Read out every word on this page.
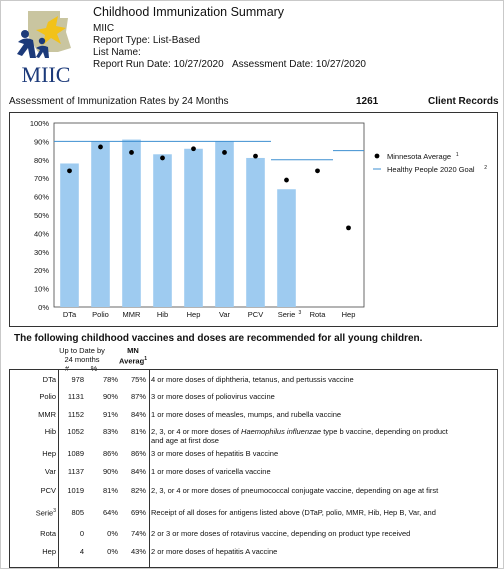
MIIC
Childhood Immunization Summary
MIIC
Report Type: List-Based
List Name:
Report Run Date: 10/27/2020 Assessment Date: 10/27/2020
Assessment of Immunization Rates by 24 Months	1261	Client Records
100%
90%
80%
70%
60%
50%
40%
30%
20%
10%
0%
DTa Polio MMR Hib Hep Var PCV Serie 3 Rota Hep
Minnesota Average 1
Healthy People 2020 Goal 2
The following childhood vaccines and doses are recommended for all young children.
Up to Date by
24 months
#	%
MN
Averag$^1$
DTa	978	78%	75% 4 or more doses of diphtheria, tetanus, and pertussis vaccine
Polio	1131	90%	87% 3 or more doses of poliovirus vaccine
MMR	1152	91%	84% 1 or more doses of measles, mumps, and rubella vaccine
Hib	1052	83%	81% 2, 3, or 4 or more doses of Haemophilus influenzae type b vaccine, depending on product
and age at first dose
Hep	1089	86%	86% 3 or more doses of hepatitis B vaccine
Var	1137	90%	84% 1 or more doses of varicella vaccine
PCV	1019	81%	82% 2, 3, or 4 or more doses of pneumococcal conjugate vaccine, depending on age at first
Serie$^3$	805	64%	69% Receipt of all doses for antigens listed above (DTaP, polio, MMR, Hib, Hep B, Var, and
Rota	0	0%	74% 2 or 3 or more doses of rotavirus vaccine, depending on product type received
Hep	4	0%	43% 2 or more doses of hepatitis A vaccine
